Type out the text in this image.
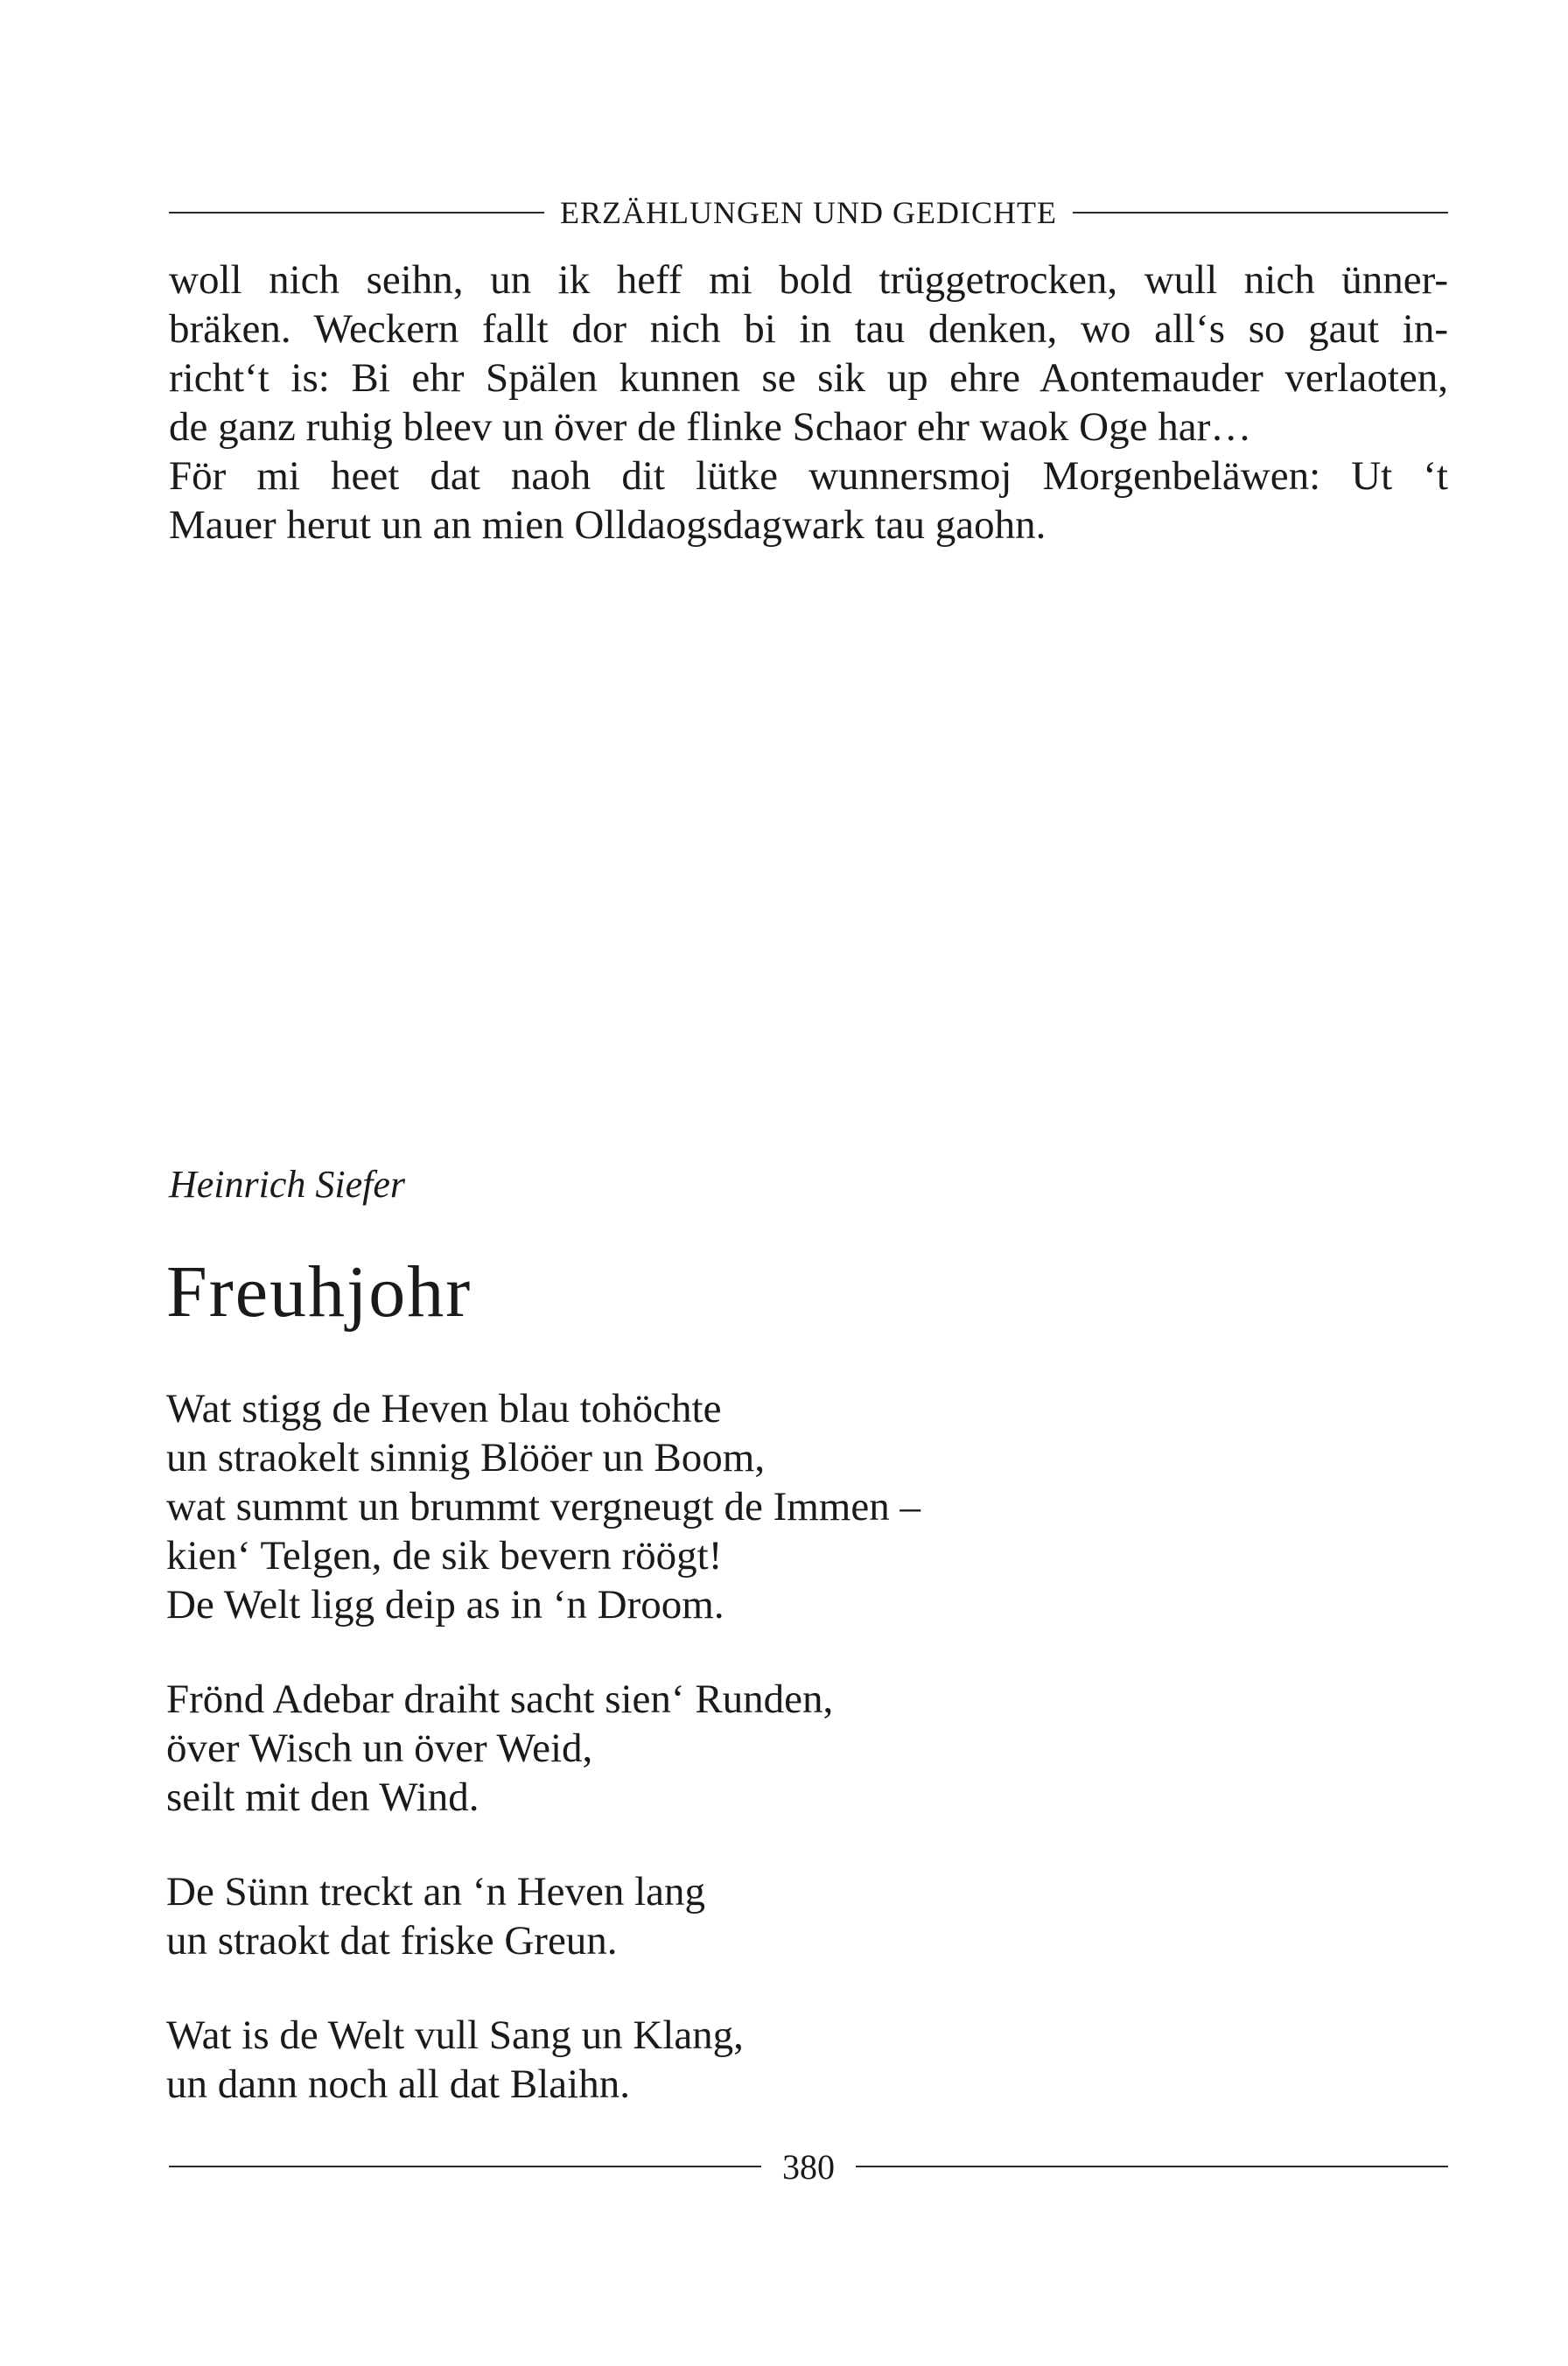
ERZÄHLUNGEN UND GEDICHTE
woll nich seihn, un ik heff mi bold trüggetrocken, wull nich ünner-
bräken. Weckern fallt dor nich bi in tau denken, wo all‘s so gaut in-
richt‘t is: Bi ehr Spälen kunnen se sik up ehre Aontemauder verlaoten,
de ganz ruhig bleev un över de flinke Schaor ehr waok Oge har…
För mi heet dat naoh dit lütke wunnersmoj Morgenbeläwen: Ut ‘t
Mauer herut un an mien Olldaogsdagwark tau gaohn.
Heinrich Siefer
Freuhjohr
Wat stigg de Heven blau tohöchte
un straokelt sinnig Blööer un Boom,
wat summt un brummt vergneugt de Immen –
kien‘ Telgen, de sik bevern röögt!
De Welt ligg deip as in ‘n Droom.
Frönd Adebar draiht sacht sien‘ Runden,
över Wisch un över Weid,
seilt mit den Wind.
De Sünn treckt an ‘n Heven lang
un straokt dat friske Greun.
Wat is de Welt vull Sang un Klang,
un dann noch all dat Blaihn.
380
